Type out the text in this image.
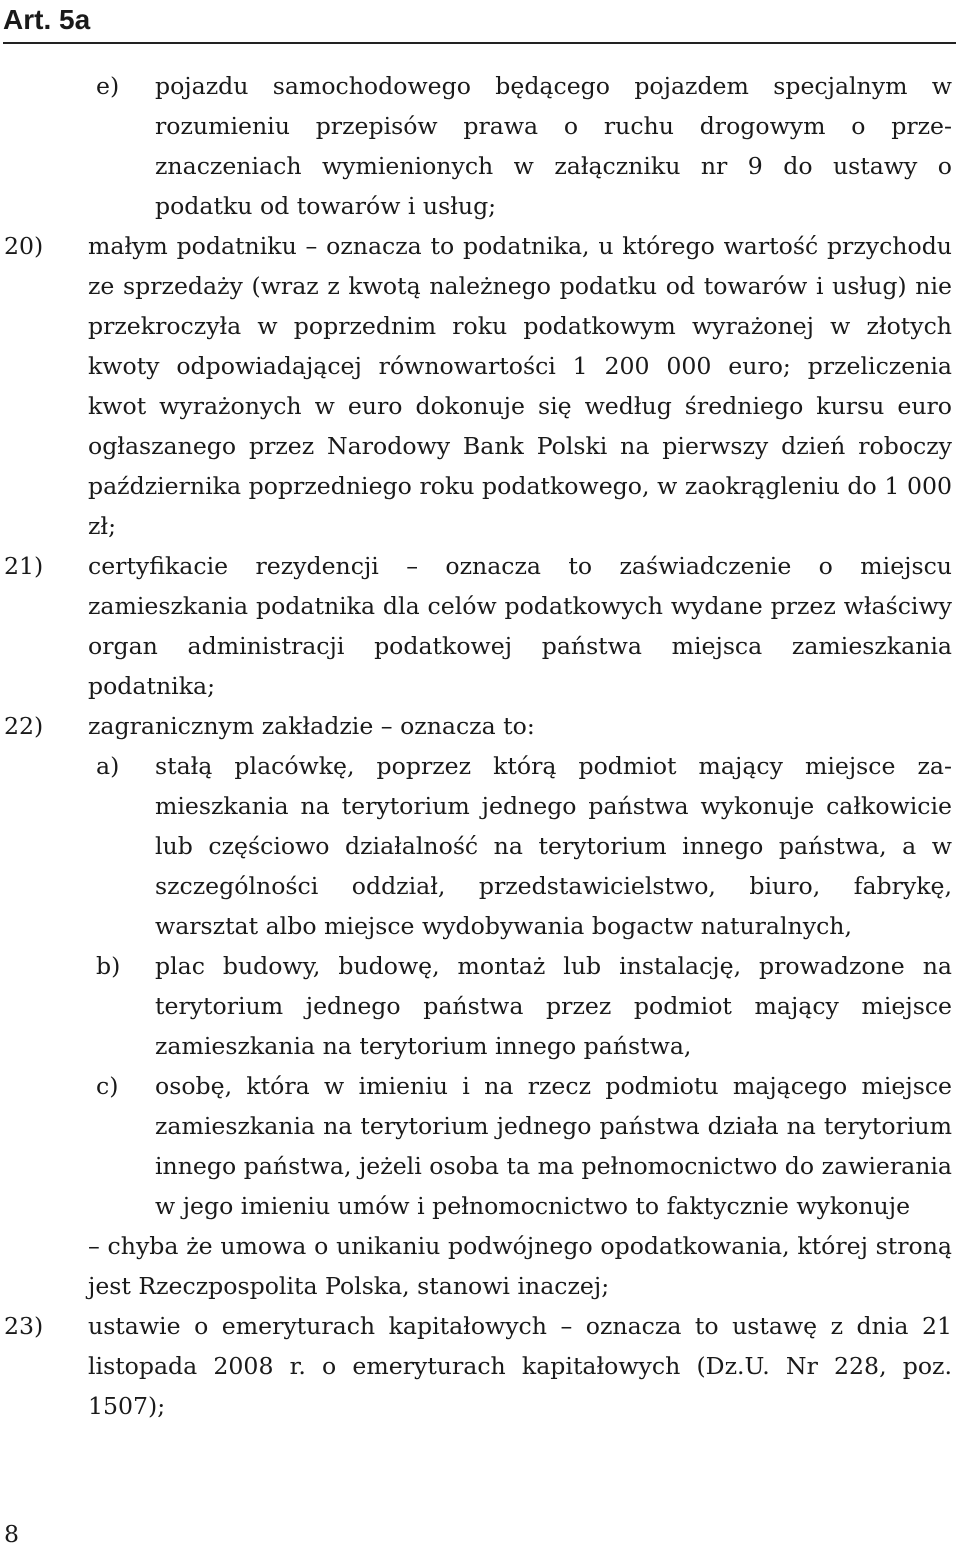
Art. 5a
e) pojazdu samochodowego będącego pojazdem specjalnym w rozumieniu przepisów prawa o ruchu drogowym o przeznaczeniach wymienionych w załączniku nr 9 do ustawy o podatku od towarów i usług;
20) małym podatniku – oznacza to podatnika, u którego wartość przychodu ze sprzedaży (wraz z kwotą należnego podatku od towarów i usług) nie przekroczyła w poprzednim roku podatkowym wyrażonej w złotych kwoty odpowiadającej równowartości 1 200 000 euro; przeliczenia kwot wyrażonych w euro dokonuje się według średniego kursu euro ogłaszanego przez Narodowy Bank Polski na pierwszy dzień roboczy października poprzedniego roku podatkowego, w zaokrągleniu do 1 000 zł;
21) certyfikacie rezydencji – oznacza to zaświadczenie o miejscu zamieszkania podatnika dla celów podatkowych wydane przez właściwy organ administracji podatkowej państwa miejsca zamieszkania podatnika;
22) zagranicznym zakładzie – oznacza to:
a) stałą placówkę, poprzez którą podmiot mający miejsce zamieszkania na terytorium jednego państwa wykonuje całkowicie lub częściowo działalność na terytorium innego państwa, a w szczególności oddział, przedstawicielstwo, biuro, fabrykę, warsztat albo miejsce wydobywania bogactw naturalnych,
b) plac budowy, budowę, montaż lub instalację, prowadzone na terytorium jednego państwa przez podmiot mający miejsce zamieszkania na terytorium innego państwa,
c) osobę, która w imieniu i na rzecz podmiotu mającego miejsce zamieszkania na terytorium jednego państwa działa na terytorium innego państwa, jeżeli osoba ta ma pełnomocnictwo do zawierania w jego imieniu umów i pełnomocnictwo to faktycznie wykonuje
– chyba że umowa o unikaniu podwójnego opodatkowania, której stroną jest Rzeczpospolita Polska, stanowi inaczej;
23) ustawie o emeryturach kapitałowych – oznacza to ustawę z dnia 21 listopada 2008 r. o emeryturach kapitałowych (Dz.U. Nr 228, poz. 1507);
8
